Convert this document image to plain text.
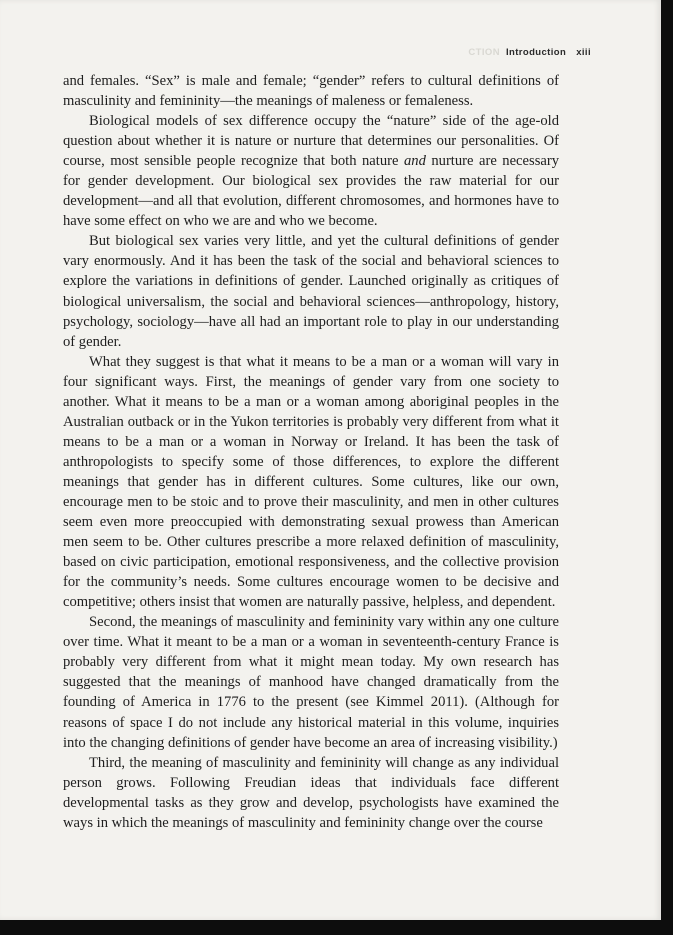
CTION Introduction xiii

and females. “Sex” is male and female; “gender” refers to cultural definitions of masculinity and femininity—the meanings of maleness or femaleness.

Biological models of sex difference occupy the “nature” side of the age-old question about whether it is nature or nurture that determines our personalities. Of course, most sensible people recognize that both nature and nurture are necessary for gender development. Our biological sex provides the raw material for our development—and all that evolution, different chromosomes, and hormones have to have some effect on who we are and who we become.

But biological sex varies very little, and yet the cultural definitions of gender vary enormously. And it has been the task of the social and behavioral sciences to explore the variations in definitions of gender. Launched originally as critiques of biological universalism, the social and behavioral sciences—anthropology, history, psychology, sociology—have all had an important role to play in our understanding of gender.

What they suggest is that what it means to be a man or a woman will vary in four significant ways. First, the meanings of gender vary from one society to another. What it means to be a man or a woman among aboriginal peoples in the Australian outback or in the Yukon territories is probably very different from what it means to be a man or a woman in Norway or Ireland. It has been the task of anthropologists to specify some of those differences, to explore the different meanings that gender has in different cultures. Some cultures, like our own, encourage men to be stoic and to prove their masculinity, and men in other cultures seem even more preoccupied with demonstrating sexual prowess than American men seem to be. Other cultures prescribe a more relaxed definition of masculinity, based on civic participation, emotional responsiveness, and the collective provision for the community’s needs. Some cultures encourage women to be decisive and competitive; others insist that women are naturally passive, helpless, and dependent.

Second, the meanings of masculinity and femininity vary within any one culture over time. What it meant to be a man or a woman in seventeenth-century France is probably very different from what it might mean today. My own research has suggested that the meanings of manhood have changed dramatically from the founding of America in 1776 to the present (see Kimmel 2011). (Although for reasons of space I do not include any historical material in this volume, inquiries into the changing definitions of gender have become an area of increasing visibility.)

Third, the meaning of masculinity and femininity will change as any individual person grows. Following Freudian ideas that individuals face different developmental tasks as they grow and develop, psychologists have examined the ways in which the meanings of masculinity and femininity change over the course
